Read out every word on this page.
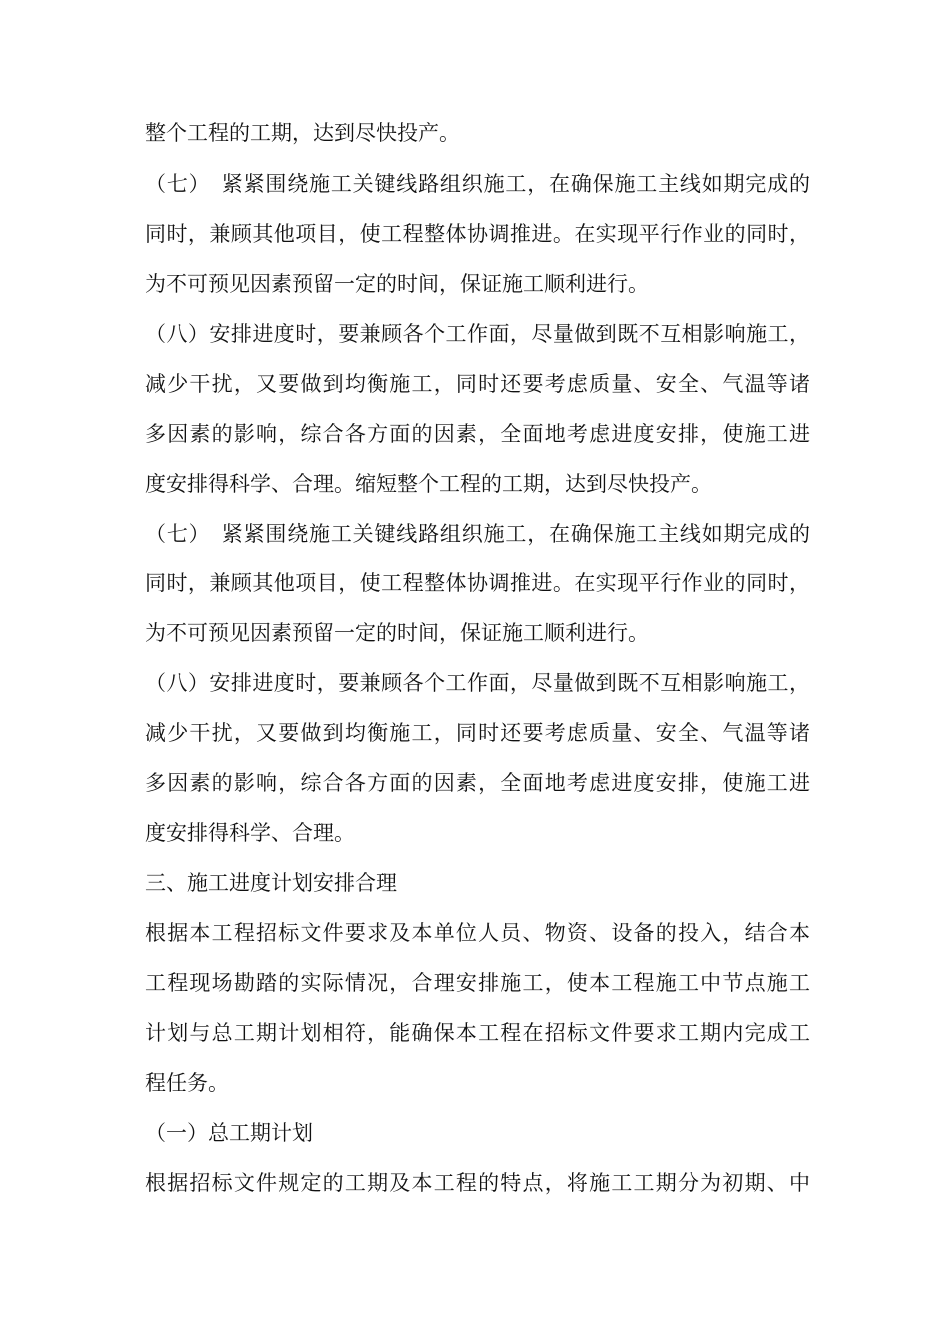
整个工程的工期，达到尽快投产。
（七）　紧紧围绕施工关键线路组织施工，在确保施工主线如期完成的
同时，兼顾其他项目，使工程整体协调推进。在实现平行作业的同时，
为不可预见因素预留一定的时间，保证施工顺利进行。
（八）安排进度时，要兼顾各个工作面，尽量做到既不互相影响施工，
减少干扰，又要做到均衡施工，同时还要考虑质量、安全、气温等诸
多因素的影响，综合各方面的因素，全面地考虑进度安排，使施工进
度安排得科学、合理。缩短整个工程的工期，达到尽快投产。
（七）　紧紧围绕施工关键线路组织施工，在确保施工主线如期完成的
同时，兼顾其他项目，使工程整体协调推进。在实现平行作业的同时，
为不可预见因素预留一定的时间，保证施工顺利进行。
（八）安排进度时，要兼顾各个工作面，尽量做到既不互相影响施工，
减少干扰，又要做到均衡施工，同时还要考虑质量、安全、气温等诸
多因素的影响，综合各方面的因素，全面地考虑进度安排，使施工进
度安排得科学、合理。
三、施工进度计划安排合理
根据本工程招标文件要求及本单位人员、物资、设备的投入，结合本
工程现场勘踏的实际情况，合理安排施工，使本工程施工中节点施工
计划与总工期计划相符，能确保本工程在招标文件要求工期内完成工
程任务。
（一）总工期计划
根据招标文件规定的工期及本工程的特点，将施工工期分为初期、中
